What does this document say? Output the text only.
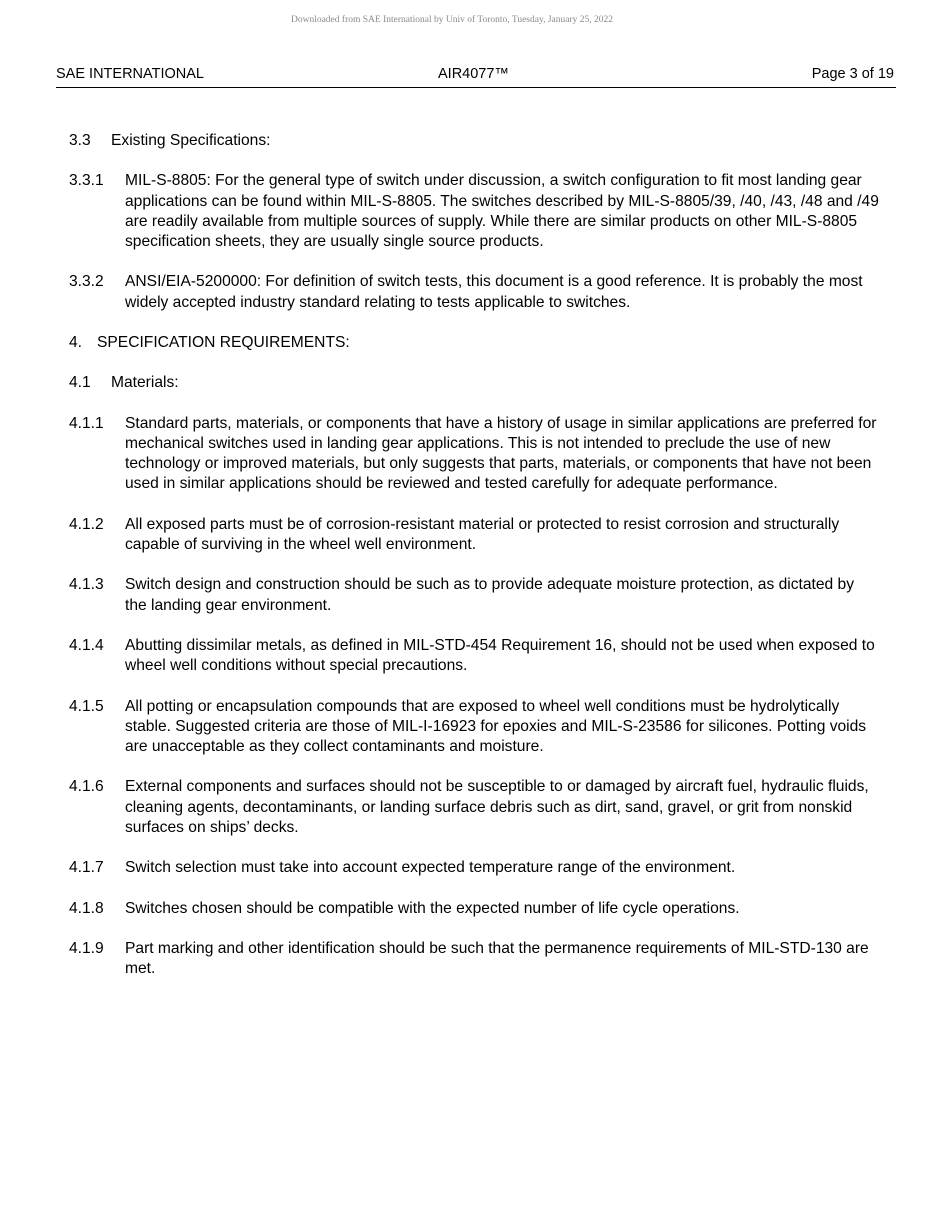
Downloaded from SAE International by Univ of Toronto, Tuesday, January 25, 2022
SAE INTERNATIONAL	AIR4077™	Page 3 of 19
3.3 Existing Specifications:
3.3.1	MIL-S-8805: For the general type of switch under discussion, a switch configuration to fit most landing gear applications can be found within MIL-S-8805. The switches described by MIL-S-8805/39, /40, /43, /48 and /49 are readily available from multiple sources of supply. While there are similar products on other MIL-S-8805 specification sheets, they are usually single source products.
3.3.2	ANSI/EIA-5200000: For definition of switch tests, this document is a good reference. It is probably the most widely accepted industry standard relating to tests applicable to switches.
4. SPECIFICATION REQUIREMENTS:
4.1 Materials:
4.1.1	Standard parts, materials, or components that have a history of usage in similar applications are preferred for mechanical switches used in landing gear applications. This is not intended to preclude the use of new technology or improved materials, but only suggests that parts, materials, or components that have not been used in similar applications should be reviewed and tested carefully for adequate performance.
4.1.2	All exposed parts must be of corrosion-resistant material or protected to resist corrosion and structurally capable of surviving in the wheel well environment.
4.1.3	Switch design and construction should be such as to provide adequate moisture protection, as dictated by the landing gear environment.
4.1.4	Abutting dissimilar metals, as defined in MIL-STD-454 Requirement 16, should not be used when exposed to wheel well conditions without special precautions.
4.1.5	All potting or encapsulation compounds that are exposed to wheel well conditions must be hydrolytically stable. Suggested criteria are those of MIL-I-16923 for epoxies and MIL-S-23586 for silicones. Potting voids are unacceptable as they collect contaminants and moisture.
4.1.6	External components and surfaces should not be susceptible to or damaged by aircraft fuel, hydraulic fluids, cleaning agents, decontaminants, or landing surface debris such as dirt, sand, gravel, or grit from nonskid surfaces on ships’ decks.
4.1.7	Switch selection must take into account expected temperature range of the environment.
4.1.8	Switches chosen should be compatible with the expected number of life cycle operations.
4.1.9	Part marking and other identification should be such that the permanence requirements of MIL-STD-130 are met.
